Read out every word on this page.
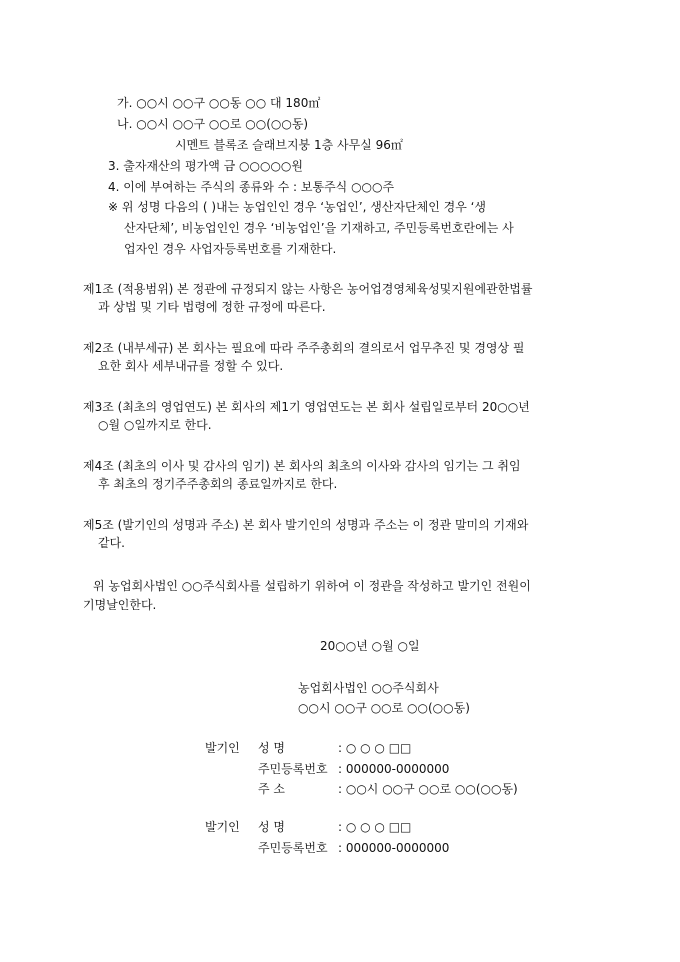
가. ○○시 ○○구 ○○동 ○○ 대 180㎡
나. ○○시 ○○구 ○○로 ○○(○○동)
시멘트 블록조 슬래브지붕 1층 사무실 96㎡
3. 출자재산의 평가액 금 ○○○○○원
4. 이에 부여하는 주식의 종류와 수 : 보통주식 ○○○주
※ 위 성명 다음의 ( )내는 농업인인 경우 ‘농업인’, 생산자단체인 경우 ‘생
산자단체’, 비농업인인 경우 ‘비농업인’을 기재하고, 주민등록번호란에는 사
업자인 경우 사업자등록번호를 기재한다.
제1조 (적용범위) 본 정관에 규정되지 않는 사항은 농어업경영체육성및지원에관한법률
과 상법 및 기타 법령에 정한 규정에 따른다.
제2조 (내부세규) 본 회사는 필요에 따라 주주총회의 결의로서 업무추진 및 경영상 필
요한 회사 세부내규를 정할 수 있다.
제3조 (최초의 영업연도) 본 회사의 제1기 영업연도는 본 회사 설립일로부터 20○○년
○월 ○일까지로 한다.
제4조 (최초의 이사 및 감사의 임기) 본 회사의 최초의 이사와 감사의 임기는 그 취임
후 최초의 정기주주총회의 종료일까지로 한다.
제5조 (발기인의 성명과 주소) 본 회사 발기인의 성명과 주소는 이 정관 말미의 기재와
같다.
위 농업회사법인 ○○주식회사를 설립하기 위하여 이 정관을 작성하고 발기인 전원이
기명날인한다.
20○○년 ○월 ○일
농업회사법인 ○○주식회사
○○시 ○○구 ○○로 ○○(○○동)
발기인 성 명	: ○ ○ ○ □□
주민등록번호 : 000000-0000000
주 소	: ○○시 ○○구 ○○로 ○○(○○동)
발기인 성 명	: ○ ○ ○ □□
주민등록번호 : 000000-0000000
